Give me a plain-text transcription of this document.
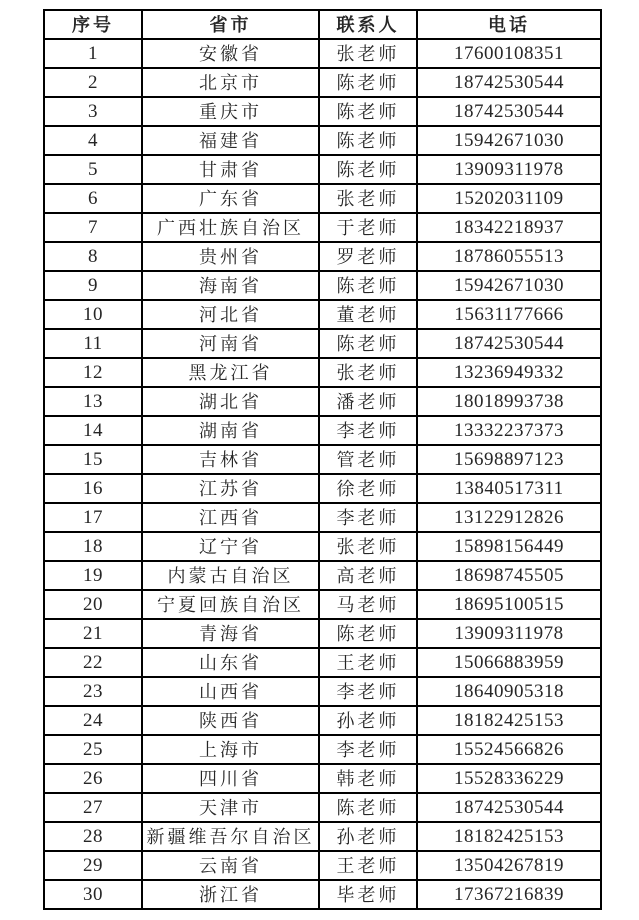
序号	省市	联系人	电话
1	安徽省	张老师	17600108351
2	北京市	陈老师	18742530544
3	重庆市	陈老师	18742530544
4	福建省	陈老师	15942671030
5	甘肃省	陈老师	13909311978
6	广东省	张老师	15202031109
7	广西壮族自治区	于老师	18342218937
8	贵州省	罗老师	18786055513
9	海南省	陈老师	15942671030
10	河北省	董老师	15631177666
11	河南省	陈老师	18742530544
12	黑龙江省	张老师	13236949332
13	湖北省	潘老师	18018993738
14	湖南省	李老师	13332237373
15	吉林省	管老师	15698897123
16	江苏省	徐老师	13840517311
17	江西省	李老师	13122912826
18	辽宁省	张老师	15898156449
19	内蒙古自治区	高老师	18698745505
20	宁夏回族自治区	马老师	18695100515
21	青海省	陈老师	13909311978
22	山东省	王老师	15066883959
23	山西省	李老师	18640905318
24	陕西省	孙老师	18182425153
25	上海市	李老师	15524566826
26	四川省	韩老师	15528336229
27	天津市	陈老师	18742530544
28	新疆维吾尔自治区	孙老师	18182425153
29	云南省	王老师	13504267819
30	浙江省	毕老师	17367216839
